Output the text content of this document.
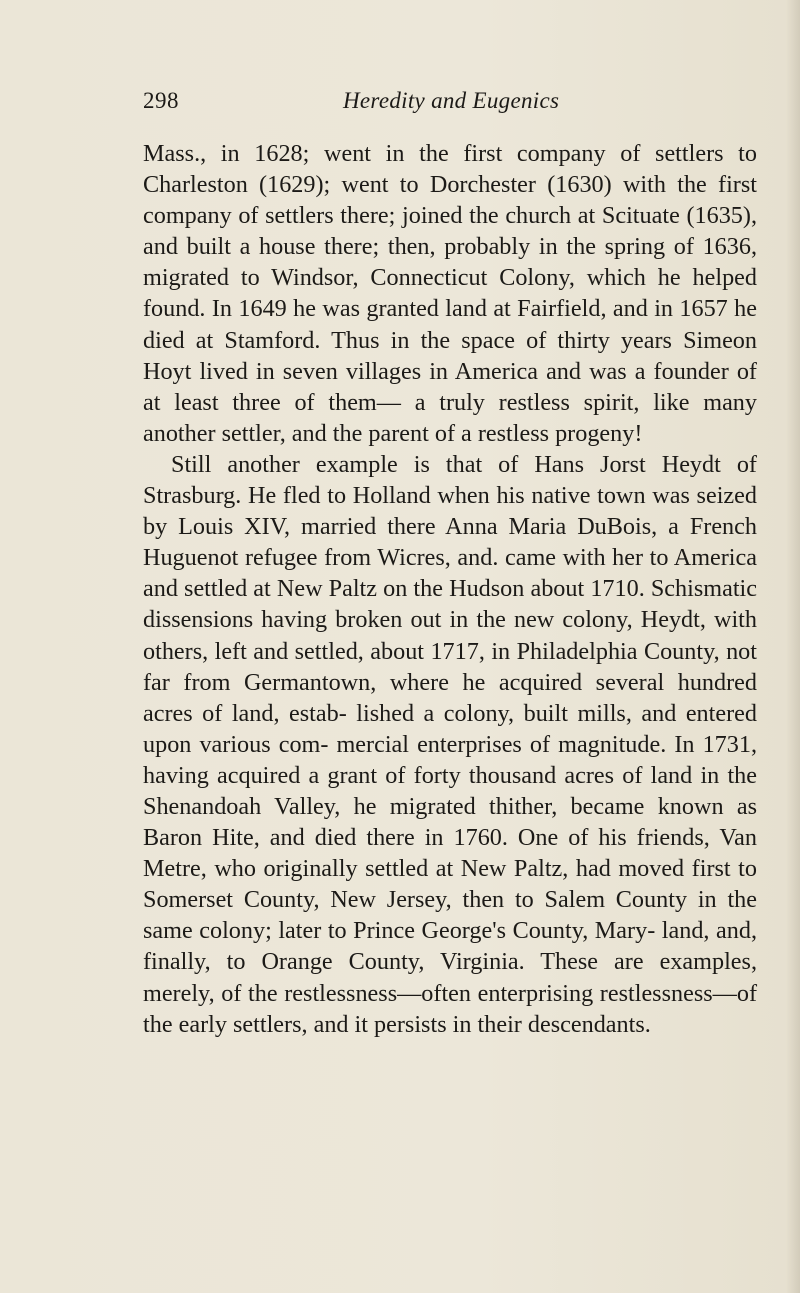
298	Heredity and Eugenics

Mass., in 1628; went in the first company of settlers to Charleston (1629); went to Dorchester (1630) with the first company of settlers there; joined the church at Scituate (1635), and built a house there; then, probably in the spring of 1636, migrated to Windsor, Connecticut Colony, which he helped found. In 1649 he was granted land at Fairfield, and in 1657 he died at Stamford. Thus in the space of thirty years Simeon Hoyt lived in seven villages in America and was a founder of at least three of them— a truly restless spirit, like many another settler, and the parent of a restless progeny!

Still another example is that of Hans Jorst Heydt of Strasburg. He fled to Holland when his native town was seized by Louis XIV, married there Anna Maria DuBois, a French Huguenot refugee from Wicres, and. came with her to America and settled at New Paltz on the Hudson about 1710. Schismatic dissensions having broken out in the new colony, Heydt, with others, left and settled, about 1717, in Philadelphia County, not far from Germantown, where he acquired several hundred acres of land, estab- lished a colony, built mills, and entered upon various com- mercial enterprises of magnitude. In 1731, having acquired a grant of forty thousand acres of land in the Shenandoah Valley, he migrated thither, became known as Baron Hite, and died there in 1760. One of his friends, Van Metre, who originally settled at New Paltz, had moved first to Somerset County, New Jersey, then to Salem County in the same colony; later to Prince George's County, Mary- land, and, finally, to Orange County, Virginia. These are examples, merely, of the restlessness—often enterprising restlessness—of the early settlers, and it persists in their descendants.
